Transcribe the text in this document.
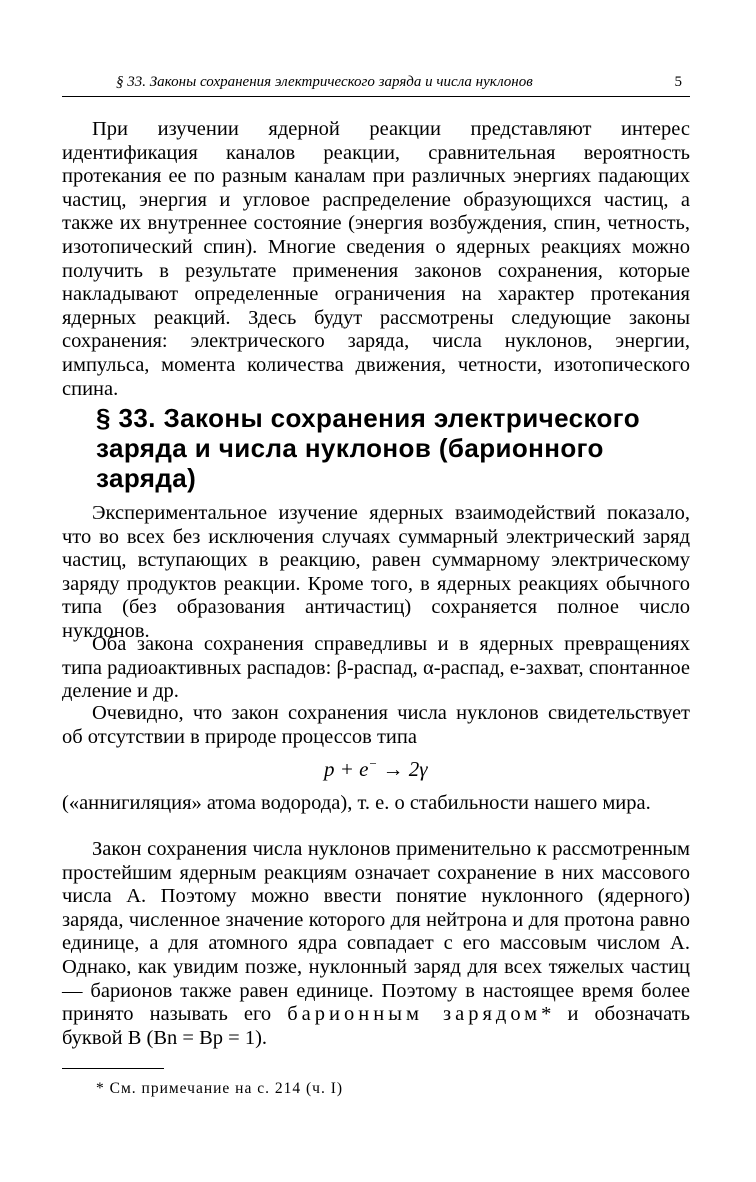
§ 33. Законы сохранения электрического заряда и числа нуклонов	5

При изучении ядерной реакции представляют интерес идентификация каналов реакции, сравнительная вероятность протекания ее по разным каналам при различных энергиях падающих частиц, энергия и угловое распределение образующихся частиц, а также их внутреннее состояние (энергия возбуждения, спин, четность, изотопический спин). Многие сведения о ядерных реакциях можно получить в результате применения законов сохранения, которые накладывают определенные ограничения на характер протекания ядерных реакций. Здесь будут рассмотрены следующие законы сохранения: электрического заряда, числа нуклонов, энергии, импульса, момента количества движения, четности, изотопического спина.

§ 33. Законы сохранения электрического заряда и числа нуклонов (барионного заряда)

Экспериментальное изучение ядерных взаимодействий показало, что во всех без исключения случаях суммарный электрический заряд частиц, вступающих в реакцию, равен суммарному электрическому заряду продуктов реакции. Кроме того, в ядерных реакциях обычного типа (без образования античастиц) сохраняется полное число нуклонов.

Оба закона сохранения справедливы и в ядерных превращениях типа радиоактивных распадов: β-распад, α-распад, e-захват, спонтанное деление и др.

Очевидно, что закон сохранения числа нуклонов свидетельствует об отсутствии в природе процессов типа

p + e− → 2γ

(«аннигиляция» атома водорода), т. е. о стабильности нашего мира.

Закон сохранения числа нуклонов применительно к рассмотренным простейшим ядерным реакциям означает сохранение в них массового числа A. Поэтому можно ввести понятие нуклонного (ядерного) заряда, численное значение которого для нейтрона и для протона равно единице, а для атомного ядра совпадает с его массовым числом A. Однако, как увидим позже, нуклонный заряд для всех тяжелых частиц — барионов также равен единице. Поэтому в настоящее время более принято называть его барионным зарядом* и обозначать буквой B (Bn = Bp = 1).

* См. примечание на с. 214 (ч. I)
